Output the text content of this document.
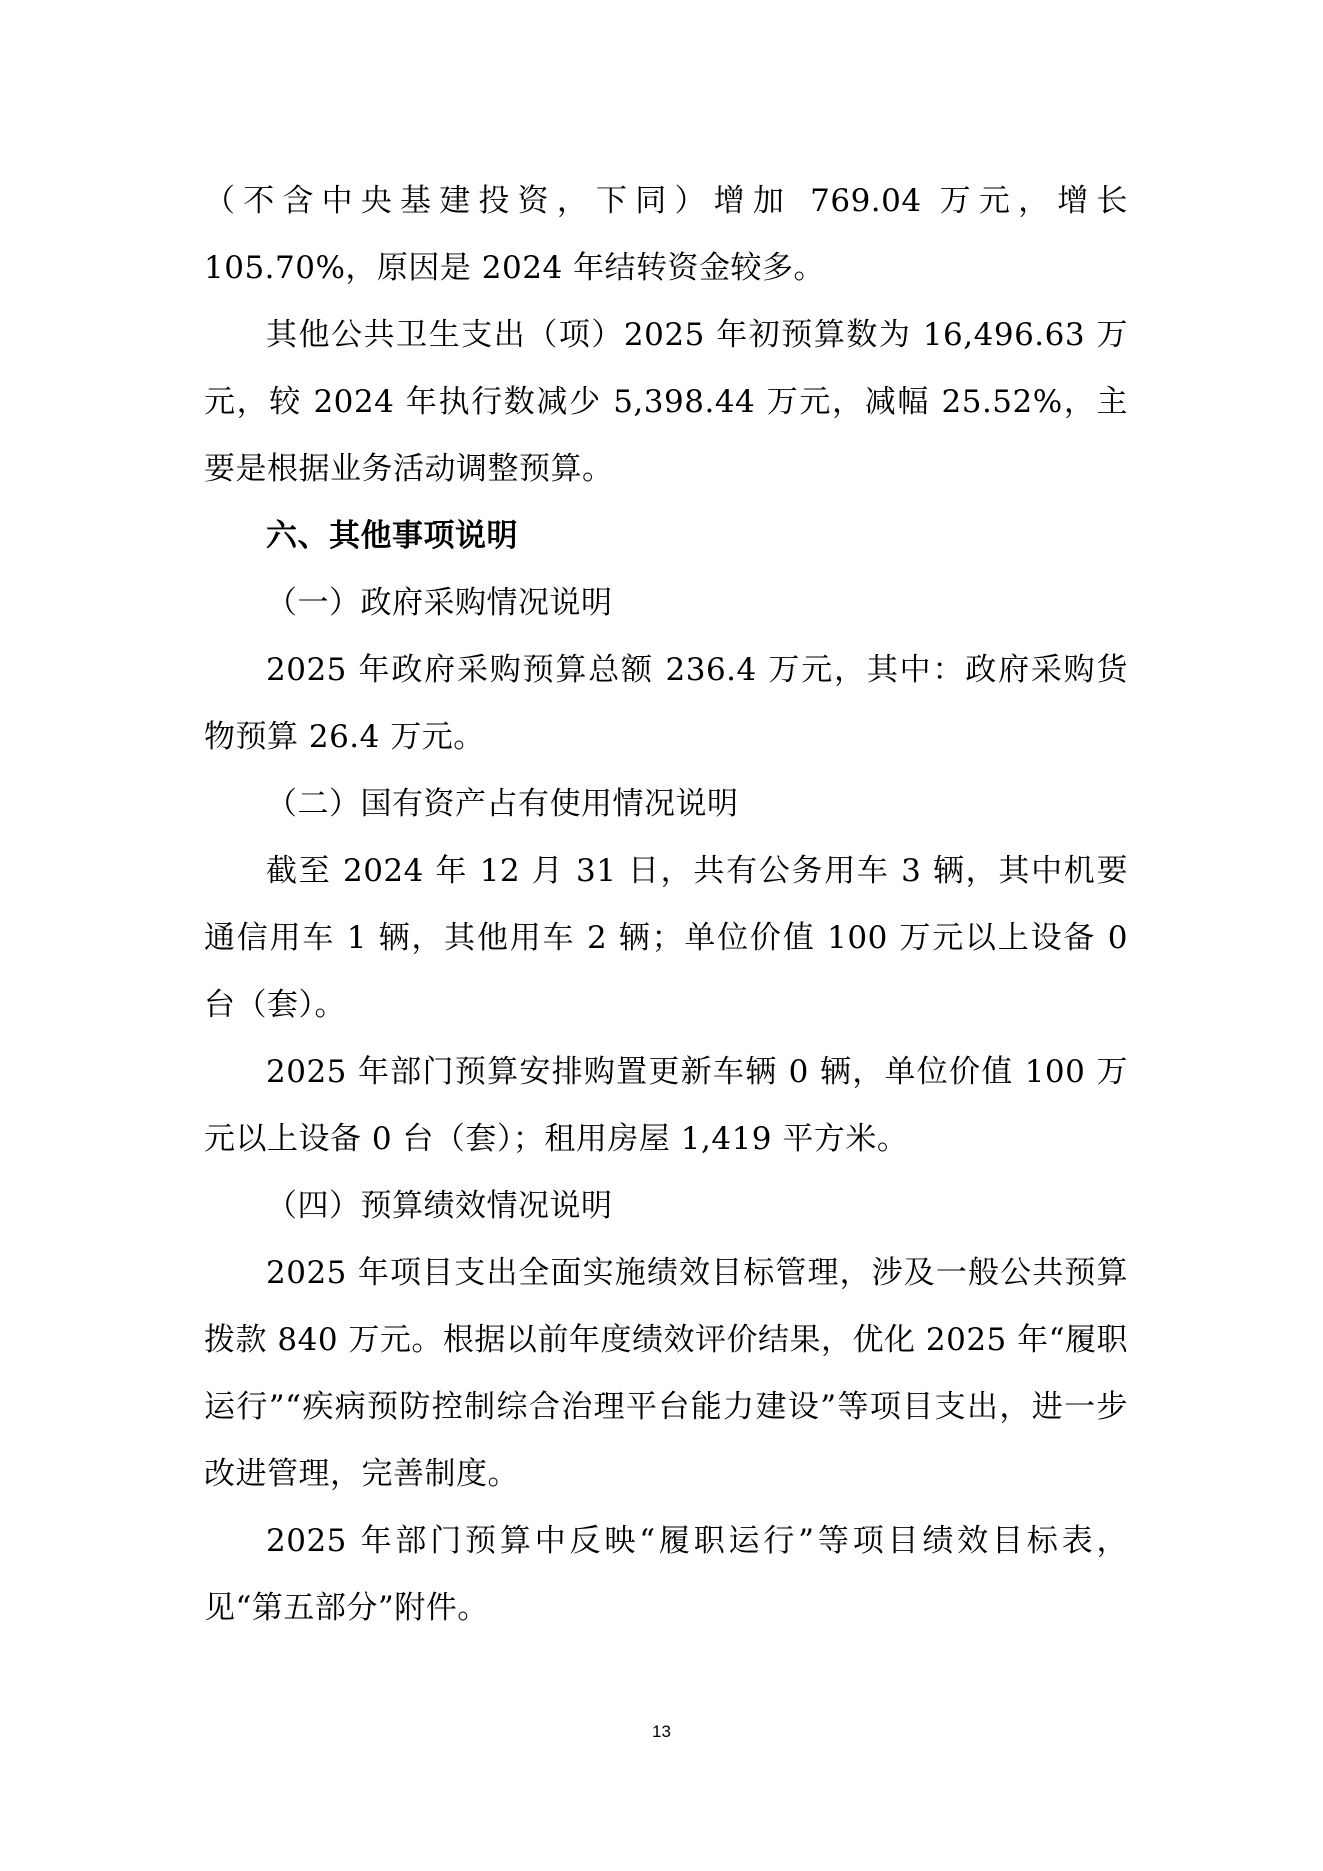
（不含中央基建投资，下同）增加 769.04 万元，增长 105.70%，原因是 2024 年结转资金较多。

其他公共卫生支出（项）2025 年初预算数为 16,496.63 万元，较 2024 年执行数减少 5,398.44 万元，减幅 25.52%，主要是根据业务活动调整预算。

六、其他事项说明

（一）政府采购情况说明

2025 年政府采购预算总额 236.4 万元，其中：政府采购货物预算 26.4 万元。

（二）国有资产占有使用情况说明

截至 2024 年 12 月 31 日，共有公务用车 3 辆，其中机要通信用车 1 辆，其他用车 2 辆；单位价值 100 万元以上设备 0 台（套）。

2025 年部门预算安排购置更新车辆 0 辆，单位价值 100 万元以上设备 0 台（套）；租用房屋 1,419 平方米。

（四）预算绩效情况说明

2025 年项目支出全面实施绩效目标管理，涉及一般公共预算拨款 840 万元。根据以前年度绩效评价结果，优化 2025 年“履职运行”“疾病预防控制综合治理平台能力建设”等项目支出，进一步改进管理，完善制度。

2025 年部门预算中反映“履职运行”等项目绩效目标表，见“第五部分”附件。

13
